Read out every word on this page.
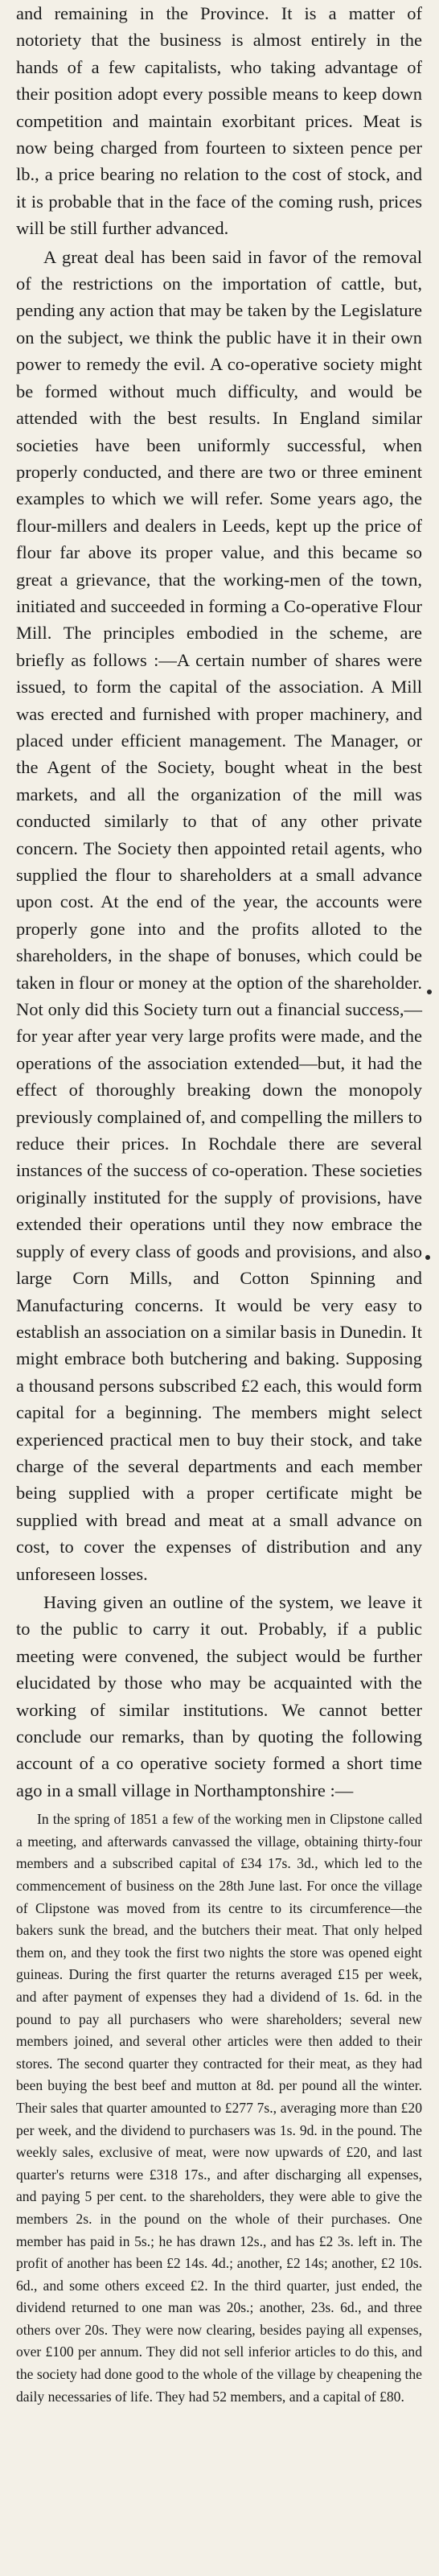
and remaining in the Province. It is a matter of notoriety that the business is almost entirely in the hands of a few capitalists, who taking advantage of their position adopt every possible means to keep down competition and maintain exorbitant prices. Meat is now being charged from fourteen to sixteen pence per lb., a price bearing no relation to the cost of stock, and it is probable that in the face of the coming rush, prices will be still further advanced.

A great deal has been said in favor of the removal of the restrictions on the importation of cattle, but, pending any action that may be taken by the Legislature on the subject, we think the public have it in their own power to remedy the evil. A co-operative society might be formed without much difficulty, and would be attended with the best results. In England similar societies have been uniformly successful, when properly conducted, and there are two or three eminent examples to which we will refer. Some years ago, the flour-millers and dealers in Leeds, kept up the price of flour far above its proper value, and this became so great a grievance, that the working-men of the town, initiated and succeeded in forming a Co-operative Flour Mill. The principles embodied in the scheme, are briefly as follows :—A certain number of shares were issued, to form the capital of the association. A Mill was erected and furnished with proper machinery, and placed under efficient management. The Manager, or the Agent of the Society, bought wheat in the best markets, and all the organization of the mill was conducted similarly to that of any other private concern. The Society then appointed retail agents, who supplied the flour to shareholders at a small advance upon cost. At the end of the year, the accounts were properly gone into and the profits alloted to the shareholders, in the shape of bonuses, which could be taken in flour or money at the option of the shareholder. Not only did this Society turn out a financial success,—for year after year very large profits were made, and the operations of the association extended—but, it had the effect of thoroughly breaking down the monopoly previously complained of, and compelling the millers to reduce their prices. In Rochdale there are several instances of the success of co-operation. These societies originally instituted for the supply of provisions, have extended their operations until they now embrace the supply of every class of goods and provisions, and also large Corn Mills, and Cotton Spinning and Manufacturing concerns. It would be very easy to establish an association on a similar basis in Dunedin. It might embrace both butchering and baking. Supposing a thousand persons subscribed £2 each, this would form capital for a beginning. The members might select experienced practical men to buy their stock, and take charge of the several departments and each member being supplied with a proper certificate might be supplied with bread and meat at a small advance on cost, to cover the expenses of distribution and any unforeseen losses.

Having given an outline of the system, we leave it to the public to carry it out. Probably, if a public meeting were convened, the subject would be further elucidated by those who may be acquainted with the working of similar institutions. We cannot better conclude our remarks, than by quoting the following account of a co operative society formed a short time ago in a small village in Northamptonshire :—

In the spring of 1851 a few of the working men in Clipstone called a meeting, and afterwards canvassed the village, obtaining thirty-four members and a subscribed capital of £34 17s. 3d., which led to the commencement of business on the 28th June last. For once the village of Clipstone was moved from its centre to its circumference—the bakers sunk the bread, and the butchers their meat. That only helped them on, and they took the first two nights the store was opened eight guineas. During the first quarter the returns averaged £15 per week, and after payment of expenses they had a dividend of 1s. 6d. in the pound to pay all purchasers who were shareholders; several new members joined, and several other articles were then added to their stores. The second quarter they contracted for their meat, as they had been buying the best beef and mutton at 8d. per pound all the winter. Their sales that quarter amounted to £277 7s., averaging more than £20 per week, and the dividend to purchasers was 1s. 9d. in the pound. The weekly sales, exclusive of meat, were now upwards of £20, and last quarter's returns were £318 17s., and after discharging all expenses, and paying 5 per cent. to the shareholders, they were able to give the members 2s. in the pound on the whole of their purchases. One member has paid in 5s.; he has drawn 12s., and has £2 3s. left in. The profit of another has been £2 14s. 4d.; another, £2 14s; another, £2 10s. 6d., and some others exceed £2. In the third quarter, just ended, the dividend returned to one man was 20s.; another, 23s. 6d., and three others over 20s. They were now clearing, besides paying all expenses, over £100 per annum. They did not sell inferior articles to do this, and the society had done good to the whole of the village by cheapening the daily necessaries of life. They had 52 members, and a capital of £80.
